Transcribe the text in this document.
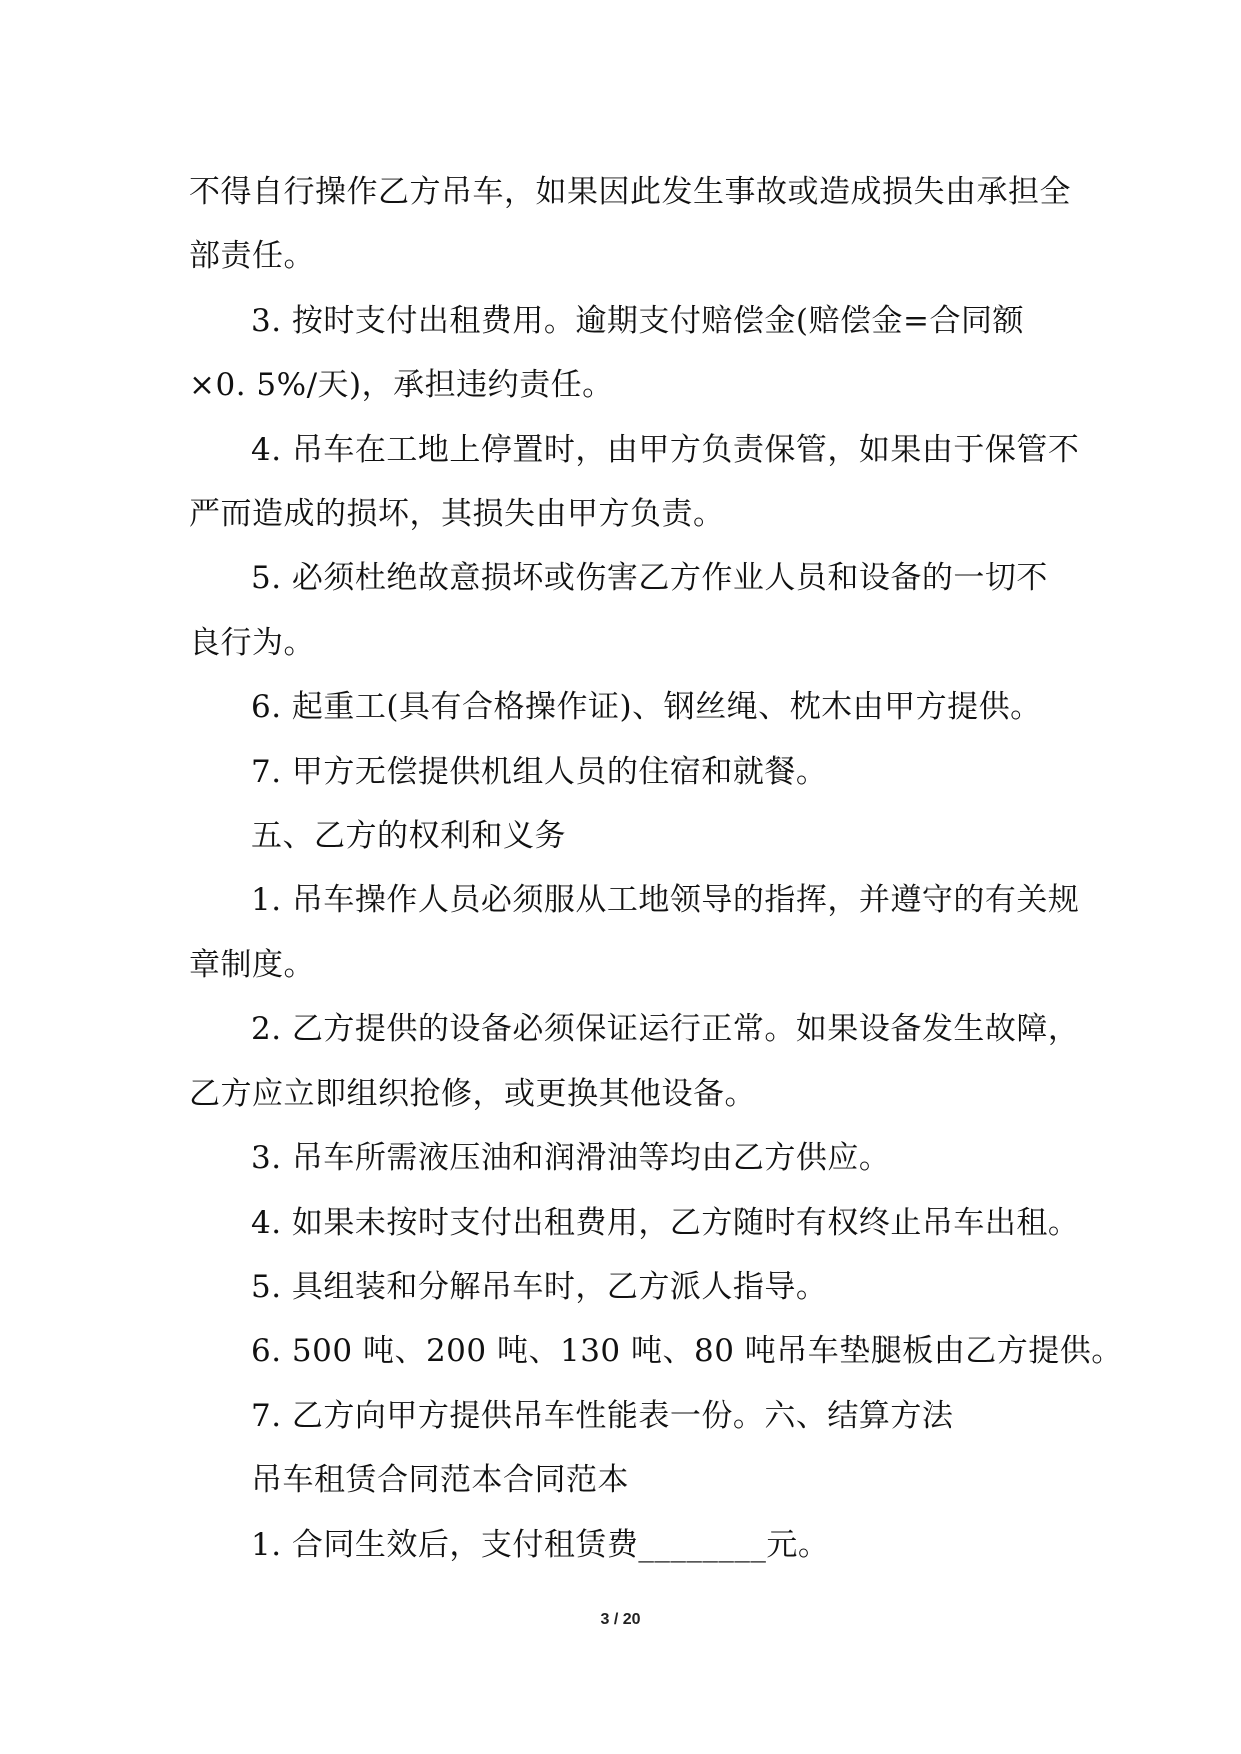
不得自行操作乙方吊车，如果因此发生事故或造成损失由承担全
部责任。
3. 按时支付出租费用。逾期支付赔偿金(赔偿金=合同额
×0. 5%/天)，承担违约责任。
4. 吊车在工地上停置时，由甲方负责保管，如果由于保管不
严而造成的损坏，其损失由甲方负责。
5. 必须杜绝故意损坏或伤害乙方作业人员和设备的一切不
良行为。
6. 起重工(具有合格操作证)、钢丝绳、枕木由甲方提供。
7. 甲方无偿提供机组人员的住宿和就餐。
五、乙方的权利和义务
1. 吊车操作人员必须服从工地领导的指挥，并遵守的有关规
章制度。
2. 乙方提供的设备必须保证运行正常。如果设备发生故障，
乙方应立即组织抢修，或更换其他设备。
3. 吊车所需液压油和润滑油等均由乙方供应。
4. 如果未按时支付出租费用，乙方随时有权终止吊车出租。
5. 具组装和分解吊车时，乙方派人指导。
6. 500 吨、200 吨、130 吨、80 吨吊车垫腿板由乙方提供。
7. 乙方向甲方提供吊车性能表一份。六、结算方法
吊车租赁合同范本合同范本
1. 合同生效后，支付租赁费________元。
3 / 20
